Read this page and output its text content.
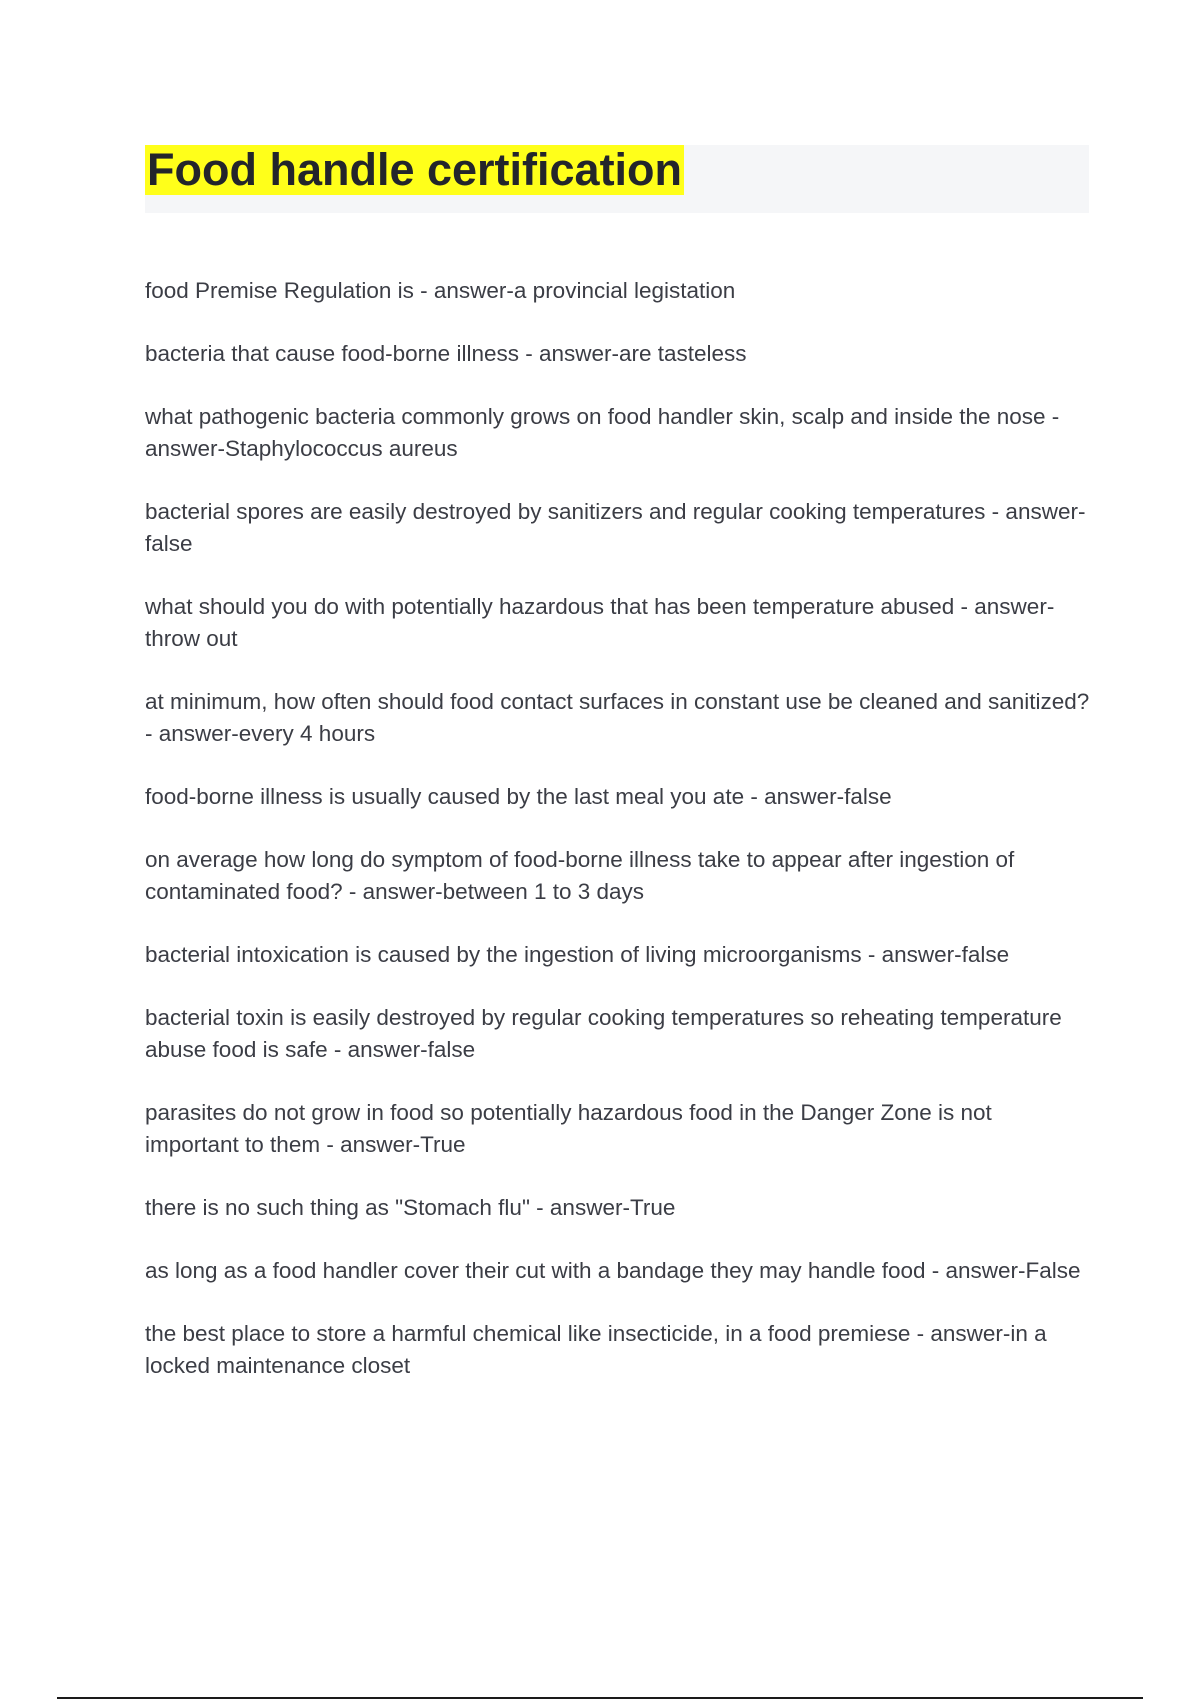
Food handle certification
food Premise Regulation is - answer-a provincial legistation
bacteria that cause food-borne illness - answer-are tasteless
what pathogenic bacteria commonly grows on food handler skin, scalp and inside the nose - answer-Staphylococcus aureus
bacterial spores are easily destroyed by sanitizers and regular cooking temperatures - answer-false
what should you do with potentially hazardous that has been temperature abused - answer-throw out
at minimum, how often should food contact surfaces in constant use be cleaned and sanitized? - answer-every 4 hours
food-borne illness is usually caused by the last meal you ate - answer-false
on average how long do symptom of food-borne illness take to appear after ingestion of contaminated food? - answer-between 1 to 3 days
bacterial intoxication is caused by the ingestion of living microorganisms - answer-false
bacterial toxin is easily destroyed by regular cooking temperatures so reheating temperature abuse food is safe - answer-false
parasites do not grow in food so potentially hazardous food in the Danger Zone is not important to them - answer-True
there is no such thing as "Stomach flu" - answer-True
as long as a food handler cover their cut with a bandage they may handle food - answer-False
the best place to store a harmful chemical like insecticide, in a food premiese - answer-in a locked maintenance closet
